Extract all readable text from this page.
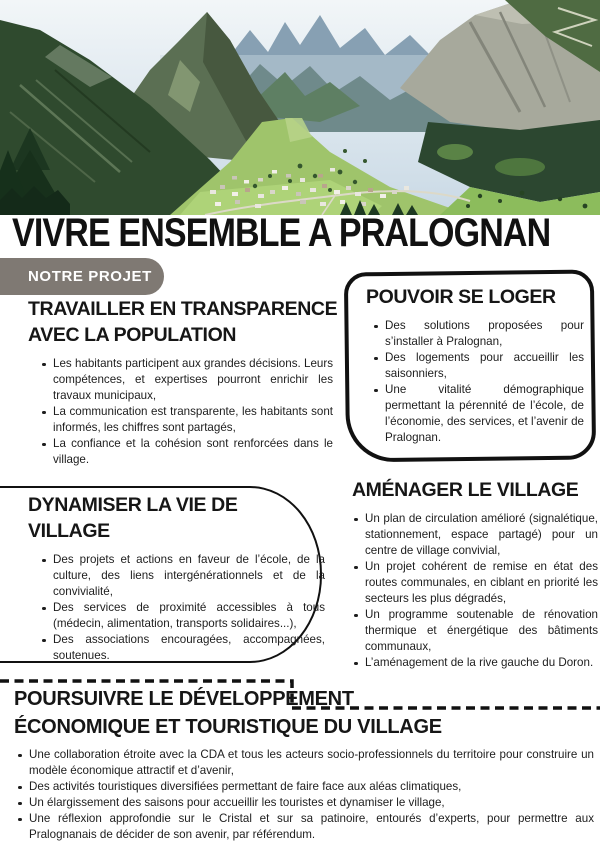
VIVRE ENSEMBLE A PRALOGNAN
NOTRE PROJET
TRAVAILLER EN TRANSPARENCE AVEC LA POPULATION
Les habitants participent aux grandes décisions. Leurs compétences, et expertises pourront enrichir les travaux municipaux,
La communication est transparente, les habitants sont informés, les chiffres sont partagés,
La confiance et la cohésion sont renforcées dans le village.
POUVOIR SE LOGER
Des solutions proposées pour s’installer à Pralognan,
Des logements pour accueillir les saisonniers,
Une vitalité démographique permettant la pérennité de l’école, de l’économie, des services, et l’avenir de Pralognan.
DYNAMISER LA VIE DE VILLAGE
Des projets et actions en faveur de l’école, de la culture, des liens intergénérationnels et de la convivialité,
Des services de proximité accessibles à tous (médecin, alimentation, transports solidaires...),
Des associations encouragées, accompagnées, soutenues.
AMÉNAGER LE VILLAGE
Un plan de circulation amélioré (signalétique, stationnement, espace partagé) pour un centre de village convivial,
Un projet cohérent de remise en état des routes communales, en ciblant en priorité les secteurs les plus dégradés,
Un programme soutenable de rénovation thermique et énergétique des bâtiments communaux,
L’aménagement de la rive gauche du Doron.
POURSUIVRE LE DÉVELOPPEMENT
ÉCONOMIQUE ET TOURISTIQUE DU VILLAGE
Une collaboration étroite avec la CDA et tous les acteurs socio-professionnels du territoire pour construire un modèle économique attractif et d’avenir,
Des activités touristiques diversifiées permettant de faire face aux aléas climatiques,
Un élargissement des saisons pour accueillir les touristes et dynamiser le village,
Une réflexion approfondie sur le Cristal et sur sa patinoire, entourés d’experts, pour permettre aux Pralognanais de décider de son avenir, par référendum.
